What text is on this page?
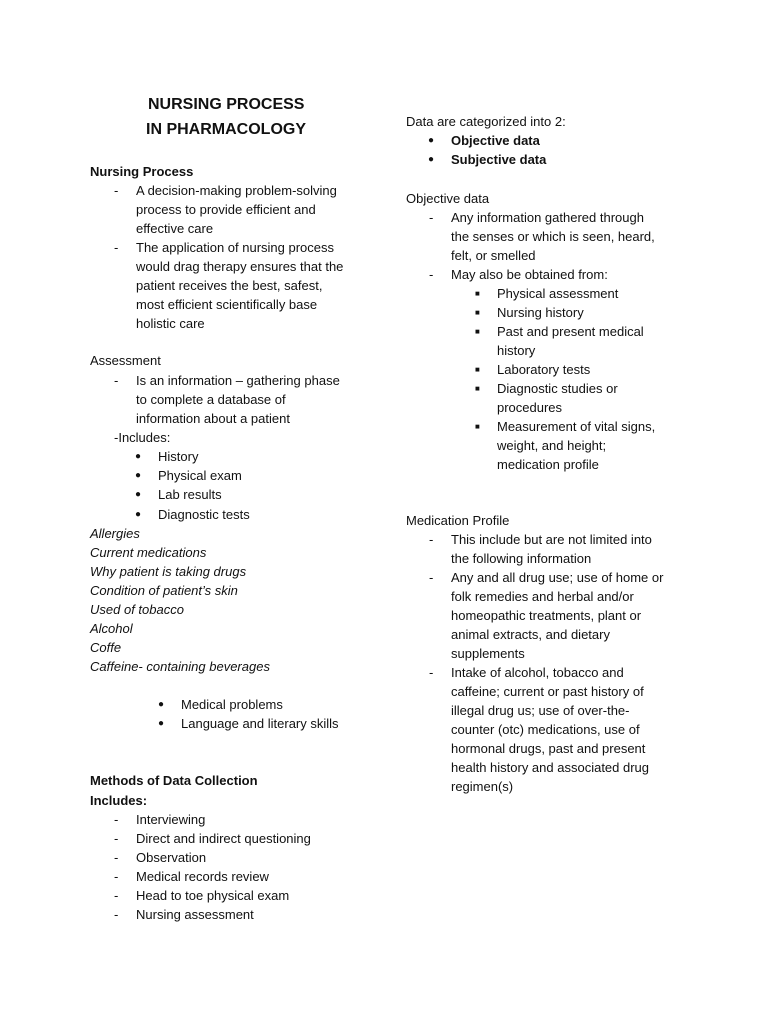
NURSING PROCESS
IN PHARMACOLOGY
Nursing Process
-
A decision-making problem-solving
process to provide efficient and
effective care
-
The application of nursing process
would drag therapy ensures that the
patient receives the best, safest,
most efficient scientifically base
holistic care
Assessment
-
Is an information – gathering phase
to complete a database of
information about a patient
-Includes:
● History
● Physical exam
● Lab results
● Diagnostic tests
Allergies
Current medications
Why patient is taking drugs
Condition of patient’s skin
Used of tobacco
Alcohol
Coffe
Caffeine- containing beverages
● Medical problems
● Language and literary skills
Methods of Data Collection
Includes:
-
Interviewing
-
Direct and indirect questioning
-
Observation
-
Medical records review
-
Head to toe physical exam
-
Nursing assessment
Data are categorized into 2:
● Objective data
● Subjective data
Objective data
-
Any information gathered through
the senses or which is seen, heard,
felt, or smelled
-
May also be obtained from:
■ Physical assessment
■ Nursing history
■ Past and present medical
history
■ Laboratory tests
■ Diagnostic studies or
procedures
■ Measurement of vital signs,
weight, and height;
medication profile
Medication Profile
-
This include but are not limited into
the following information
-
Any and all drug use; use of home or
folk remedies and herbal and/or
homeopathic treatments, plant or
animal extracts, and dietary
supplements
-
Intake of alcohol, tobacco and
caffeine; current or past history of
illegal drug us; use of over-the-
counter (otc) medications, use of
hormonal drugs, past and present
health history and associated drug
regimen(s)
